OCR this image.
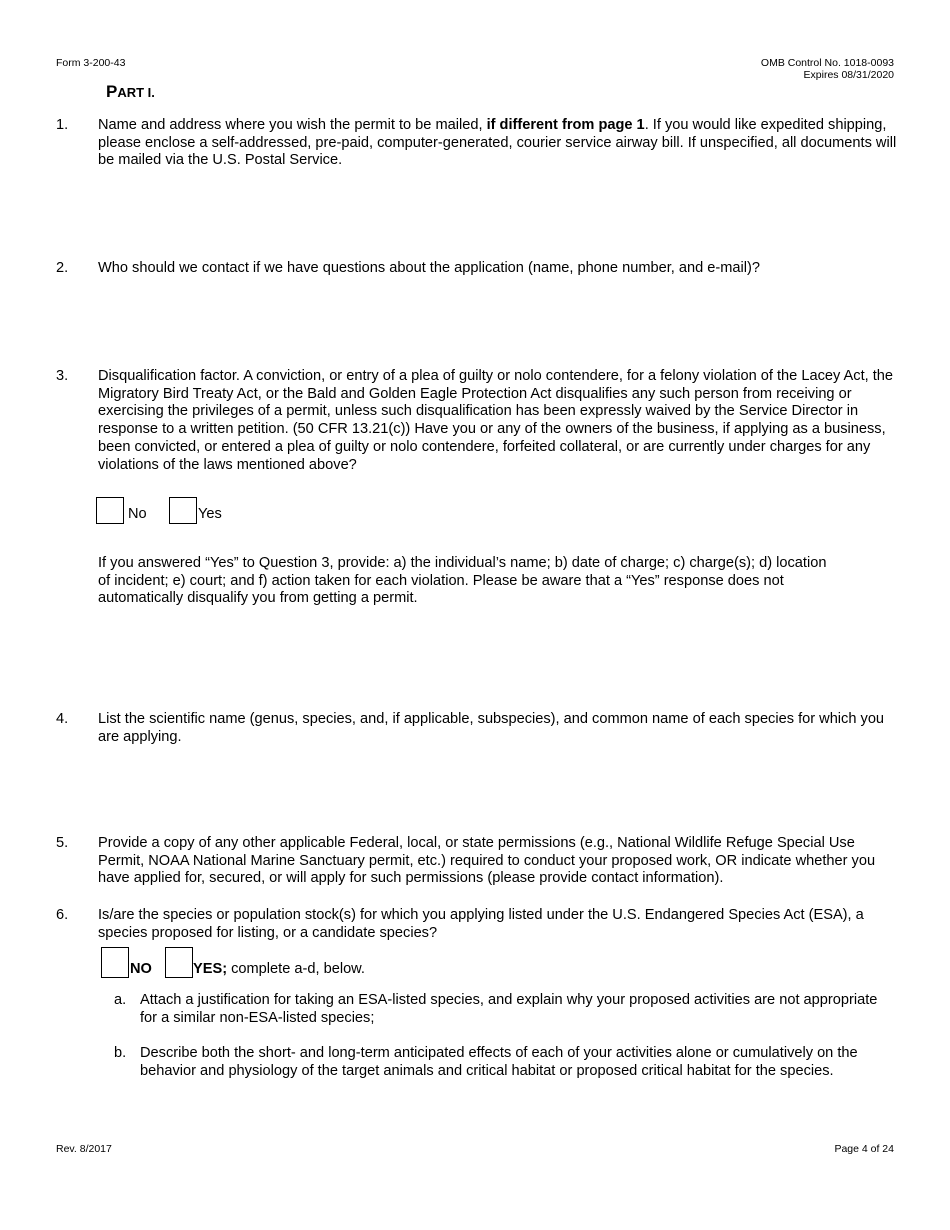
Form 3-200-43	OMB Control No. 1018-0093
Expires 08/31/2020
PART I.
1. Name and address where you wish the permit to be mailed, if different from page 1. If you would like expedited shipping, please enclose a self-addressed, pre-paid, computer-generated, courier service airway bill. If unspecified, all documents will be mailed via the U.S. Postal Service.
2. Who should we contact if we have questions about the application (name, phone number, and e-mail)?
3. Disqualification factor. A conviction, or entry of a plea of guilty or nolo contendere, for a felony violation of the Lacey Act, the Migratory Bird Treaty Act, or the Bald and Golden Eagle Protection Act disqualifies any such person from receiving or exercising the privileges of a permit, unless such disqualification has been expressly waived by the Service Director in response to a written petition. (50 CFR 13.21(c)) Have you or any of the owners of the business, if applying as a business, been convicted, or entered a plea of guilty or nolo contendere, forfeited collateral, or are currently under charges for any violations of the laws mentioned above?
No	Yes
If you answered “Yes” to Question 3, provide: a) the individual’s name; b) date of charge; c) charge(s); d) location of incident; e) court; and f) action taken for each violation. Please be aware that a “Yes” response does not automatically disqualify you from getting a permit.
4. List the scientific name (genus, species, and, if applicable, subspecies), and common name of each species for which you are applying.
5. Provide a copy of any other applicable Federal, local, or state permissions (e.g., National Wildlife Refuge Special Use Permit, NOAA National Marine Sanctuary permit, etc.) required to conduct your proposed work, OR indicate whether you have applied for, secured, or will apply for such permissions (please provide contact information).
6. Is/are the species or population stock(s) for which you applying listed under the U.S. Endangered Species Act (ESA), a species proposed for listing, or a candidate species?
NO	YES; complete a-d, below.
a. Attach a justification for taking an ESA-listed species, and explain why your proposed activities are not appropriate for a similar non-ESA-listed species;
b. Describe both the short- and long-term anticipated effects of each of your activities alone or cumulatively on the behavior and physiology of the target animals and critical habitat or proposed critical habitat for the species.
Rev. 8/2017	Page 4 of 24
